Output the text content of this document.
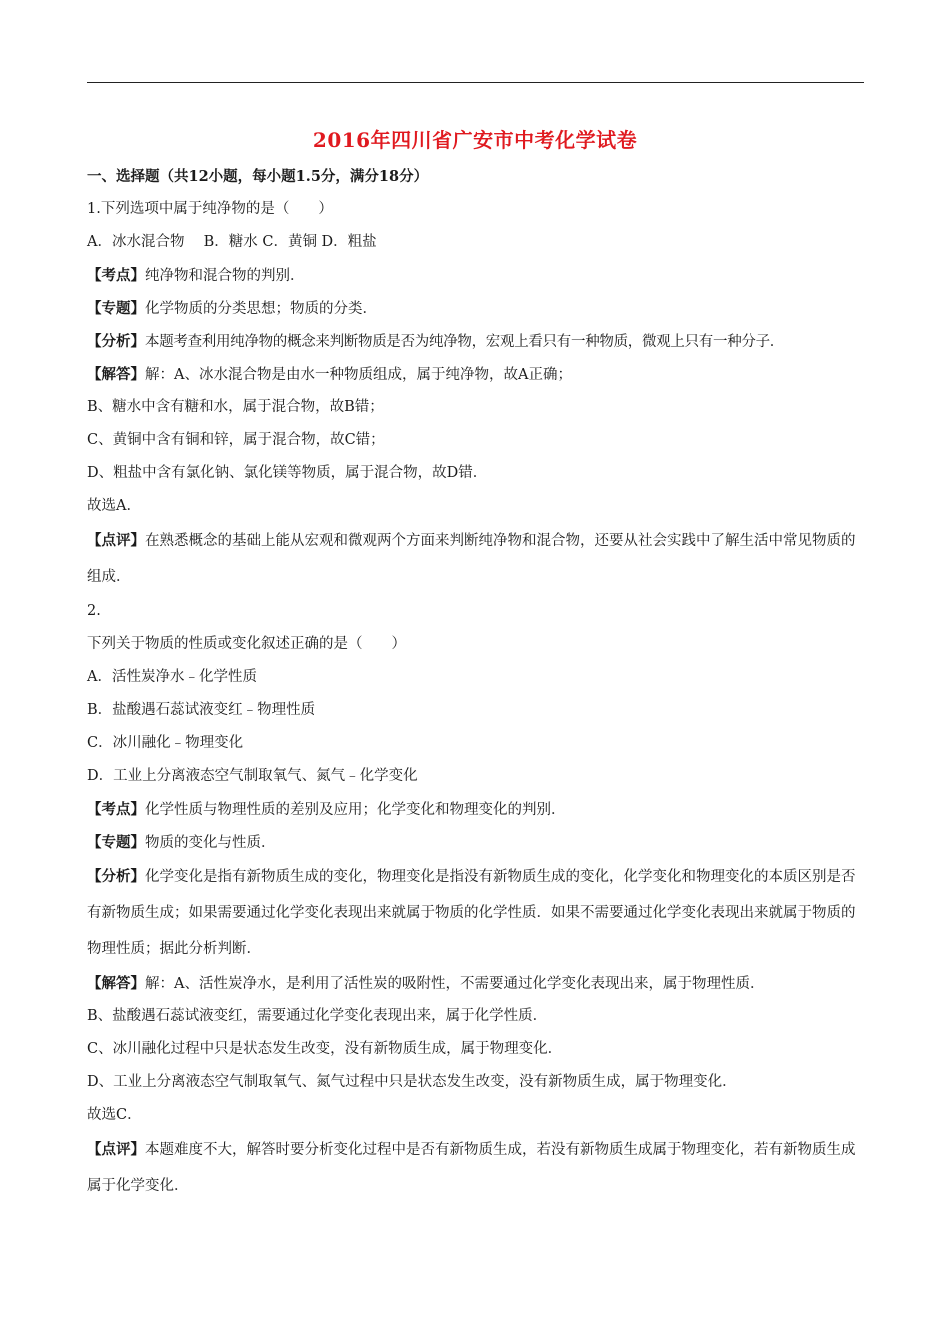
2016年四川省广安市中考化学试卷
一、选择题（共12小题，每小题1.5分，满分18分）
1.下列选项中属于纯净物的是（　　）
A．冰水混合物　 B．糖水 C．黄铜 D．粗盐
【考点】纯净物和混合物的判别．
【专题】化学物质的分类思想；物质的分类．
【分析】本题考查利用纯净物的概念来判断物质是否为纯净物，宏观上看只有一种物质，微观上只有一种分子．
【解答】解：A、冰水混合物是由水一种物质组成，属于纯净物，故A正确；
B、糖水中含有糖和水，属于混合物，故B错；
C、黄铜中含有铜和锌，属于混合物，故C错；
D、粗盐中含有氯化钠、氯化镁等物质，属于混合物，故D错．
故选A．
【点评】在熟悉概念的基础上能从宏观和微观两个方面来判断纯净物和混合物，还要从社会实践中了解生活中常见物质的组成．
2.
下列关于物质的性质或变化叙述正确的是（　　）
A．活性炭净水﹣化学性质
B．盐酸遇石蕊试液变红﹣物理性质
C．冰川融化﹣物理变化
D．工业上分离液态空气制取氧气、氮气﹣化学变化
【考点】化学性质与物理性质的差别及应用；化学变化和物理变化的判别．
【专题】物质的变化与性质．
【分析】化学变化是指有新物质生成的变化，物理变化是指没有新物质生成的变化，化学变化和物理变化的本质区别是否有新物质生成；如果需要通过化学变化表现出来就属于物质的化学性质．如果不需要通过化学变化表现出来就属于物质的物理性质；据此分析判断．
【解答】解：A、活性炭净水，是利用了活性炭的吸附性，不需要通过化学变化表现出来，属于物理性质．
B、盐酸遇石蕊试液变红，需要通过化学变化表现出来，属于化学性质．
C、冰川融化过程中只是状态发生改变，没有新物质生成，属于物理变化．
D、工业上分离液态空气制取氧气、氮气过程中只是状态发生改变，没有新物质生成，属于物理变化．
故选C．
【点评】本题难度不大，解答时要分析变化过程中是否有新物质生成，若没有新物质生成属于物理变化，若有新物质生成属于化学变化．
